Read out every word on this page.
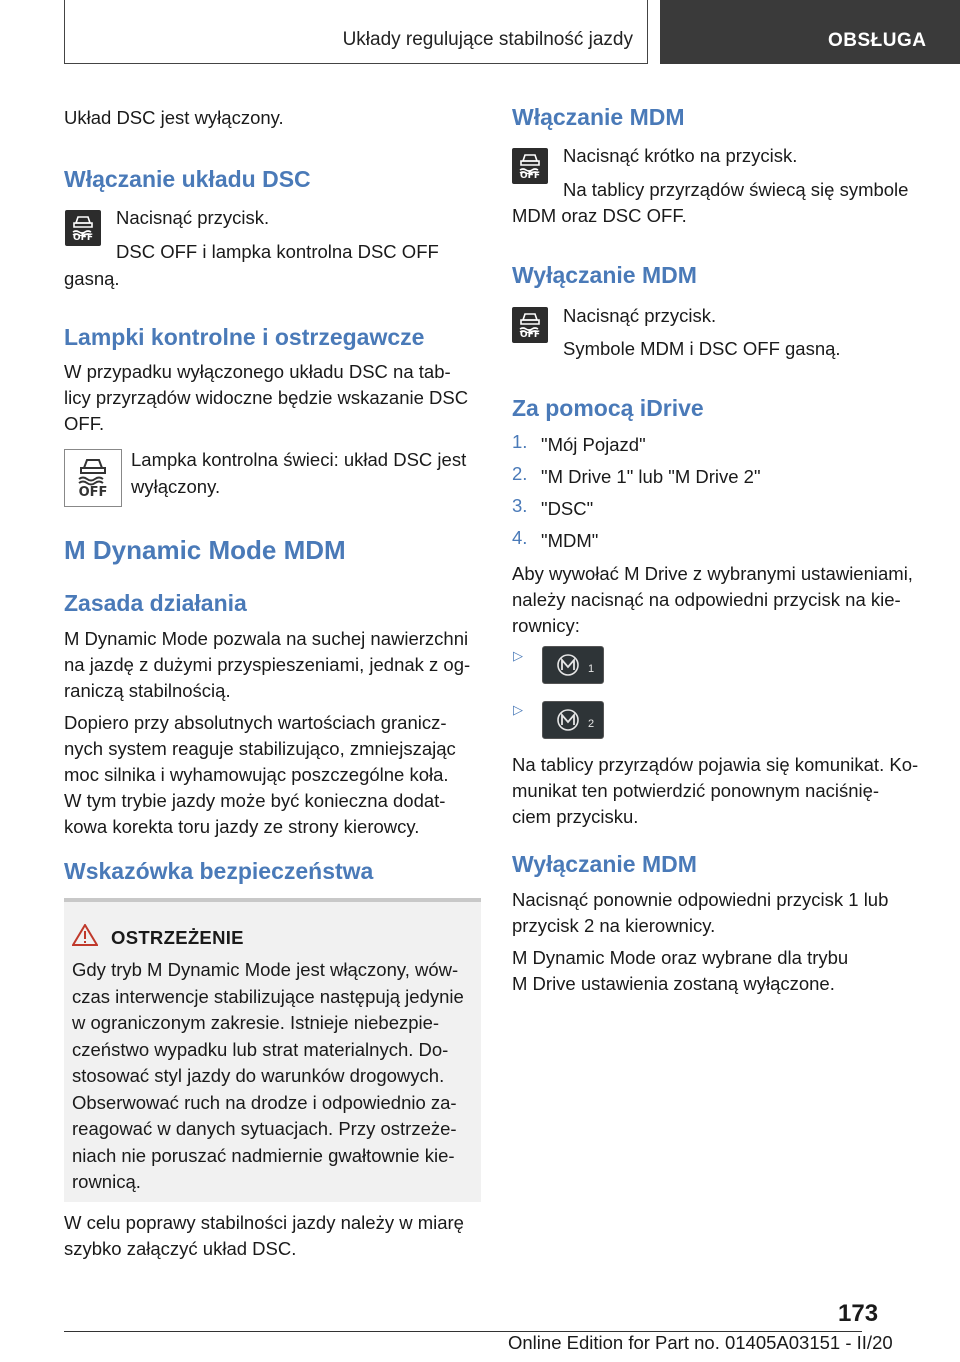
Układy regulujące stabilność jazdy	OBSŁUGA

Układ DSC jest wyłączony.

Włączanie układu DSC
OFF

Nacisnąć przycisk.

DSC OFF i lampka kontrolna DSC OFF

gasną.

Lampki kontrolne i ostrzegawcze

W przypadku wyłączonego układu DSC na tab-

licy przyrządów widoczne będzie wskazanie DSC

OFF.

OFF

Lampka kontrolna świeci: układ DSC jest

wyłączony.

M Dynamic Mode MDM
Zasada działania

M Dynamic Mode pozwala na suchej nawierzchni

na jazdę z dużymi przyspieszeniami, jednak z og-

raniczą stabilnością.

Dopiero przy absolutnych wartościach granicz-

nych system reaguje stabilizująco, zmniejszając

moc silnika i wyhamowując poszczególne koła.

W tym trybie jazdy może być konieczna dodat-

kowa korekta toru jazdy ze strony kierowcy.

Wskazówka bezpieczeństwa
OSTRZEŻENIE
Gdy tryb M Dynamic Mode jest włączony, wów-
czas interwencje stabilizujące następują jedynie
w ograniczonym zakresie. Istnieje niebezpie-
czeństwo wypadku lub strat materialnych. Do-
stosować styl jazdy do warunków drogowych.
Obserwować ruch na drodze i odpowiednio za-
reagować w danych sytuacjach. Przy ostrzeże-
niach nie poruszać nadmiernie gwałtownie kie-
rownicą.

W celu poprawy stabilności jazdy należy w miarę

szybko załączyć układ DSC.

Włączanie MDM
OFF

Nacisnąć krótko na przycisk.

Na tablicy przyrządów świecą się symbole

MDM oraz DSC OFF.

Wyłączanie MDM
OFF

Nacisnąć przycisk.

Symbole MDM i DSC OFF gasną.

Za pomocą iDrive
1. "Mój Pojazd"

2. "M Drive 1" lub "M Drive 2"

3. "DSC"

4. "MDM"

Aby wywołać M Drive z wybranymi ustawieniami,

należy nacisnąć na odpowiedni przycisk na kie-

rownicy:

▷
1
▷
2

Na tablicy przyrządów pojawia się komunikat. Ko-

munikat ten potwierdzić ponownym naciśnię-

ciem przycisku.

Wyłączanie MDM

Nacisnąć ponownie odpowiedni przycisk 1 lub

przycisk 2 na kierownicy.

M Dynamic Mode oraz wybrane dla trybu

M Drive ustawienia zostaną wyłączone.

173
Online Edition for Part no. 01405A03151 - II/20
